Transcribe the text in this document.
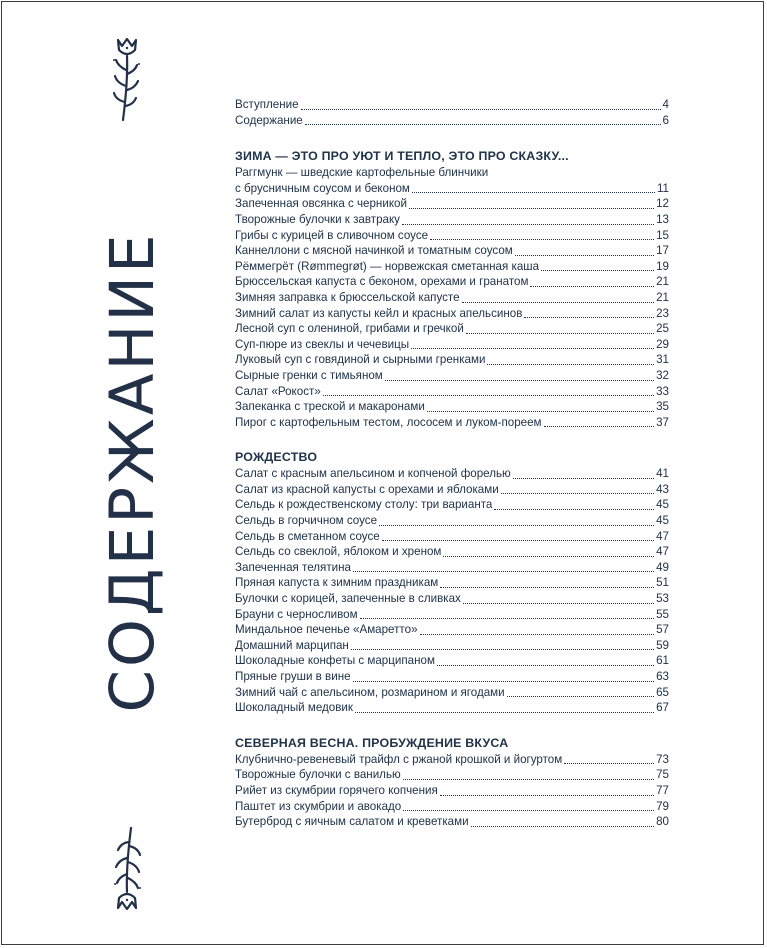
СОДЕРЖАНИЕ
Вступление	4
Содержание	6
ЗИМА — ЭТО ПРО УЮТ И ТЕПЛО, ЭТО ПРО СКАЗКУ...
Раггмунк — шведские картофельные блинчики
с брусничным соусом и беконом	11
Запеченная овсянка с черникой	12
Творожные булочки к завтраку	13
Грибы с курицей в сливочном соусе	15
Каннеллони с мясной начинкой и томатным соусом	17
Рёммегрёт (Rømmegrøt) — норвежская сметанная каша	19
Брюссельская капуста с беконом, орехами и гранатом	21
Зимняя заправка к брюссельской капусте	21
Зимний салат из капусты кейл и красных апельсинов	23
Лесной суп с олениной, грибами и гречкой	25
Суп-пюре из свеклы и чечевицы	29
Луковый суп с говядиной и сырными гренками	31
Сырные гренки с тимьяном	32
Салат «Рокост»	33
Запеканка с треской и макаронами	35
Пирог с картофельным тестом, лососем и луком-пореем	37
РОЖДЕСТВО
Салат с красным апельсином и копченой форелью	41
Салат из красной капусты с орехами и яблоками	43
Сельдь к рождественскому столу: три варианта	45
Сельдь в горчичном соусе	45
Сельдь в сметанном соусе	47
Сельдь со свеклой, яблоком и хреном	47
Запеченная телятина	49
Пряная капуста к зимним праздникам	51
Булочки с корицей, запеченные в сливках	53
Брауни с черносливом	55
Миндальное печенье «Амаретто»	57
Домашний марципан	59
Шоколадные конфеты с марципаном	61
Пряные груши в вине	63
Зимний чай с апельсином, розмарином и ягодами	65
Шоколадный медовик	67
СЕВЕРНАЯ ВЕСНА. ПРОБУЖДЕНИЕ ВКУСА
Клубнично-ревеневый трайфл с ржаной крошкой и йогуртом	73
Творожные булочки с ванилью	75
Рийет из скумбрии горячего копчения	77
Паштет из скумбрии и авокадо	79
Бутерброд с яичным салатом и креветками	80
